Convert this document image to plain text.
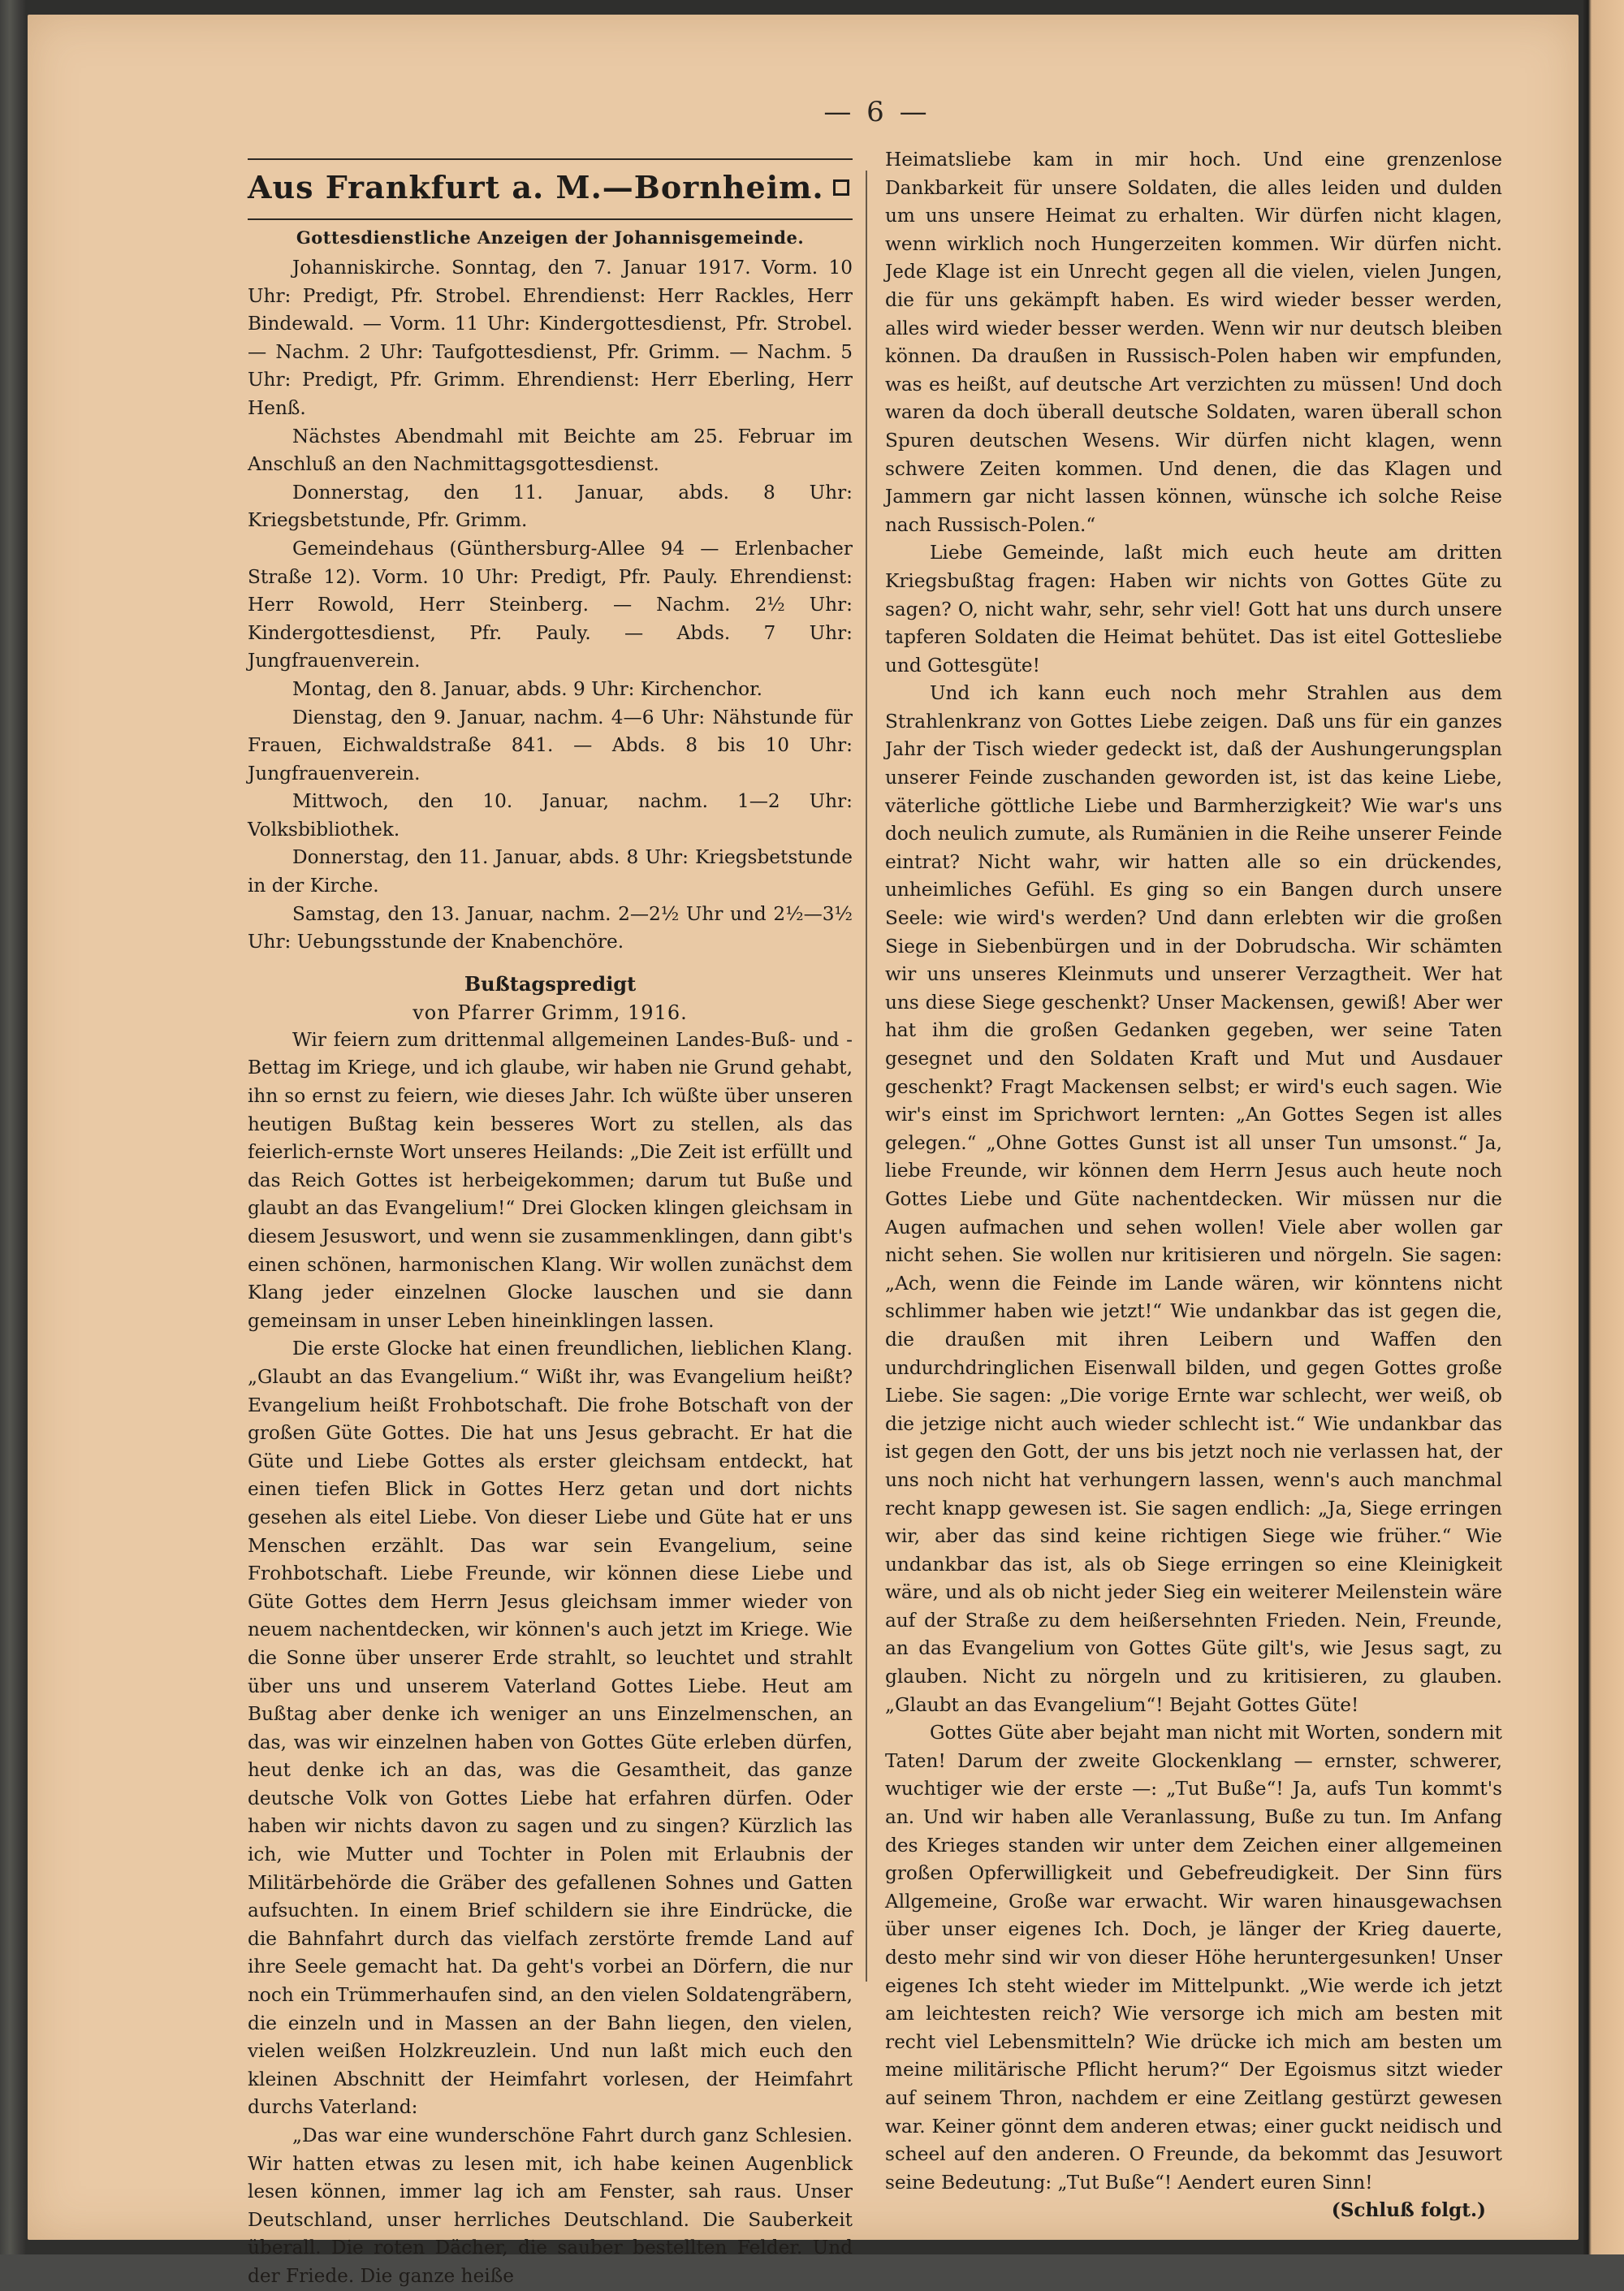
— 6 —
Aus Frankfurt a. M.—Bornheim.
Gottesdienstliche Anzeigen der Johannisgemeinde.

Johanniskirche. Sonntag, den 7. Januar 1917. Vorm. 10 Uhr: Predigt, Pfr. Strobel. Ehrendienst: Herr Rackles, Herr Bindewald. — Vorm. 11 Uhr: Kindergottesdienst, Pfr. Strobel. — Nachm. 2 Uhr: Taufgottesdienst, Pfr. Grimm. — Nachm. 5 Uhr: Predigt, Pfr. Grimm. Ehrendienst: Herr Eberling, Herr Henß.

Nächstes Abendmahl mit Beichte am 25. Februar im Anschluß an den Nachmittagsgottesdienst.

Donnerstag, den 11. Januar, abds. 8 Uhr: Kriegsbetstunde, Pfr. Grimm.

Gemeindehaus (Günthersburg-Allee 94 — Erlenbacher Straße 12). Vorm. 10 Uhr: Predigt, Pfr. Pauly. Ehrendienst: Herr Rowold, Herr Steinberg. — Nachm. 2½ Uhr: Kindergottesdienst, Pfr. Pauly. — Abds. 7 Uhr: Jungfrauenverein.

Montag, den 8. Januar, abds. 9 Uhr: Kirchenchor.

Dienstag, den 9. Januar, nachm. 4—6 Uhr: Nähstunde für Frauen, Eichwaldstraße 841. — Abds. 8 bis 10 Uhr: Jungfrauenverein.

Mittwoch, den 10. Januar, nachm. 1—2 Uhr: Volksbibliothek.

Donnerstag, den 11. Januar, abds. 8 Uhr: Kriegsbetstunde in der Kirche.

Samstag, den 13. Januar, nachm. 2—2½ Uhr und 2½—3½ Uhr: Uebungsstunde der Knabenchöre.

Bußtagspredigt
von Pfarrer Grimm, 1916.

Wir feiern zum drittenmal allgemeinen Landes-Buß- und -Bettag im Kriege, und ich glaube, wir haben nie Grund gehabt, ihn so ernst zu feiern, wie dieses Jahr. Ich wüßte über unseren heutigen Bußtag kein besseres Wort zu stellen, als das feierlich-ernste Wort unseres Heilands: „Die Zeit ist erfüllt und das Reich Gottes ist herbeigekommen; darum tut Buße und glaubt an das Evangelium!“ Drei Glocken klingen gleichsam in diesem Jesuswort, und wenn sie zusammenklingen, dann gibt's einen schönen, harmonischen Klang. Wir wollen zunächst dem Klang jeder einzelnen Glocke lauschen und sie dann gemeinsam in unser Leben hineinklingen lassen.

Die erste Glocke hat einen freundlichen, lieblichen Klang. „Glaubt an das Evangelium.“ Wißt ihr, was Evangelium heißt? Evangelium heißt Frohbotschaft. Die frohe Botschaft von der großen Güte Gottes. Die hat uns Jesus gebracht. Er hat die Güte und Liebe Gottes als erster gleichsam entdeckt, hat einen tiefen Blick in Gottes Herz getan und dort nichts gesehen als eitel Liebe. Von dieser Liebe und Güte hat er uns Menschen erzählt. Das war sein Evangelium, seine Frohbotschaft. Liebe Freunde, wir können diese Liebe und Güte Gottes dem Herrn Jesus gleichsam immer wieder von neuem nachentdecken, wir können's auch jetzt im Kriege. Wie die Sonne über unserer Erde strahlt, so leuchtet und strahlt über uns und unserem Vaterland Gottes Liebe. Heut am Bußtag aber denke ich weniger an uns Einzelmenschen, an das, was wir einzelnen haben von Gottes Güte erleben dürfen, heut denke ich an das, was die Gesamtheit, das ganze deutsche Volk von Gottes Liebe hat erfahren dürfen. Oder haben wir nichts davon zu sagen und zu singen? Kürzlich las ich, wie Mutter und Tochter in Polen mit Erlaubnis der Militärbehörde die Gräber des gefallenen Sohnes und Gatten aufsuchten. In einem Brief schildern sie ihre Eindrücke, die die Bahnfahrt durch das vielfach zerstörte fremde Land auf ihre Seele gemacht hat. Da geht's vorbei an Dörfern, die nur noch ein Trümmerhaufen sind, an den vielen Soldatengräbern, die einzeln und in Massen an der Bahn liegen, den vielen, vielen weißen Holzkreuzlein. Und nun laßt mich euch den kleinen Abschnitt der Heimfahrt vorlesen, der Heimfahrt durchs Vaterland:

„Das war eine wunderschöne Fahrt durch ganz Schlesien. Wir hatten etwas zu lesen mit, ich habe keinen Augenblick lesen können, immer lag ich am Fenster, sah raus. Unser Deutschland, unser herrliches Deutschland. Die Sauberkeit überall. Die roten Dächer, die sauber bestellten Felder. Und der Friede. Die ganze heiße

Heimatsliebe kam in mir hoch. Und eine grenzenlose Dankbarkeit für unsere Soldaten, die alles leiden und dulden um uns unsere Heimat zu erhalten. Wir dürfen nicht klagen, wenn wirklich noch Hungerzeiten kommen. Wir dürfen nicht. Jede Klage ist ein Unrecht gegen all die vielen, vielen Jungen, die für uns gekämpft haben. Es wird wieder besser werden, alles wird wieder besser werden. Wenn wir nur deutsch bleiben können. Da draußen in Russisch-Polen haben wir empfunden, was es heißt, auf deutsche Art verzichten zu müssen! Und doch waren da doch überall deutsche Soldaten, waren überall schon Spuren deutschen Wesens. Wir dürfen nicht klagen, wenn schwere Zeiten kommen. Und denen, die das Klagen und Jammern gar nicht lassen können, wünsche ich solche Reise nach Russisch-Polen.“

Liebe Gemeinde, laßt mich euch heute am dritten Kriegsbußtag fragen: Haben wir nichts von Gottes Güte zu sagen? O, nicht wahr, sehr, sehr viel! Gott hat uns durch unsere tapferen Soldaten die Heimat behütet. Das ist eitel Gottesliebe und Gottesgüte!

Und ich kann euch noch mehr Strahlen aus dem Strahlenkranz von Gottes Liebe zeigen. Daß uns für ein ganzes Jahr der Tisch wieder gedeckt ist, daß der Aushungerungsplan unserer Feinde zuschanden geworden ist, ist das keine Liebe, väterliche göttliche Liebe und Barmherzigkeit? Wie war's uns doch neulich zumute, als Rumänien in die Reihe unserer Feinde eintrat? Nicht wahr, wir hatten alle so ein drückendes, unheimliches Gefühl. Es ging so ein Bangen durch unsere Seele: wie wird's werden? Und dann erlebten wir die großen Siege in Siebenbürgen und in der Dobrudscha. Wir schämten wir uns unseres Kleinmuts und unserer Verzagtheit. Wer hat uns diese Siege geschenkt? Unser Mackensen, gewiß! Aber wer hat ihm die großen Gedanken gegeben, wer seine Taten gesegnet und den Soldaten Kraft und Mut und Ausdauer geschenkt? Fragt Mackensen selbst; er wird's euch sagen. Wie wir's einst im Sprichwort lernten: „An Gottes Segen ist alles gelegen.“ „Ohne Gottes Gunst ist all unser Tun umsonst.“ Ja, liebe Freunde, wir können dem Herrn Jesus auch heute noch Gottes Liebe und Güte nachentdecken. Wir müssen nur die Augen aufmachen und sehen wollen! Viele aber wollen gar nicht sehen. Sie wollen nur kritisieren und nörgeln. Sie sagen: „Ach, wenn die Feinde im Lande wären, wir könntens nicht schlimmer haben wie jetzt!“ Wie undankbar das ist gegen die, die draußen mit ihren Leibern und Waffen den undurchdringlichen Eisenwall bilden, und gegen Gottes große Liebe. Sie sagen: „Die vorige Ernte war schlecht, wer weiß, ob die jetzige nicht auch wieder schlecht ist.“ Wie undankbar das ist gegen den Gott, der uns bis jetzt noch nie verlassen hat, der uns noch nicht hat verhungern lassen, wenn's auch manchmal recht knapp gewesen ist. Sie sagen endlich: „Ja, Siege erringen wir, aber das sind keine richtigen Siege wie früher.“ Wie undankbar das ist, als ob Siege erringen so eine Kleinigkeit wäre, und als ob nicht jeder Sieg ein weiterer Meilenstein wäre auf der Straße zu dem heißersehnten Frieden. Nein, Freunde, an das Evangelium von Gottes Güte gilt's, wie Jesus sagt, zu glauben. Nicht zu nörgeln und zu kritisieren, zu glauben. „Glaubt an das Evangelium“! Bejaht Gottes Güte!

Gottes Güte aber bejaht man nicht mit Worten, sondern mit Taten! Darum der zweite Glockenklang — ernster, schwerer, wuchtiger wie der erste —: „Tut Buße“! Ja, aufs Tun kommt's an. Und wir haben alle Veranlassung, Buße zu tun. Im Anfang des Krieges standen wir unter dem Zeichen einer allgemeinen großen Opferwilligkeit und Gebefreudigkeit. Der Sinn fürs Allgemeine, Große war erwacht. Wir waren hinausgewachsen über unser eigenes Ich. Doch, je länger der Krieg dauerte, desto mehr sind wir von dieser Höhe heruntergesunken! Unser eigenes Ich steht wieder im Mittelpunkt. „Wie werde ich jetzt am leichtesten reich? Wie versorge ich mich am besten mit recht viel Lebensmitteln? Wie drücke ich mich am besten um meine militärische Pflicht herum?“ Der Egoismus sitzt wieder auf seinem Thron, nachdem er eine Zeitlang gestürzt gewesen war. Keiner gönnt dem anderen etwas; einer guckt neidisch und scheel auf den anderen. O Freunde, da bekommt das Jesuwort seine Bedeutung: „Tut Buße“! Aendert euren Sinn!

(Schluß folgt.)
